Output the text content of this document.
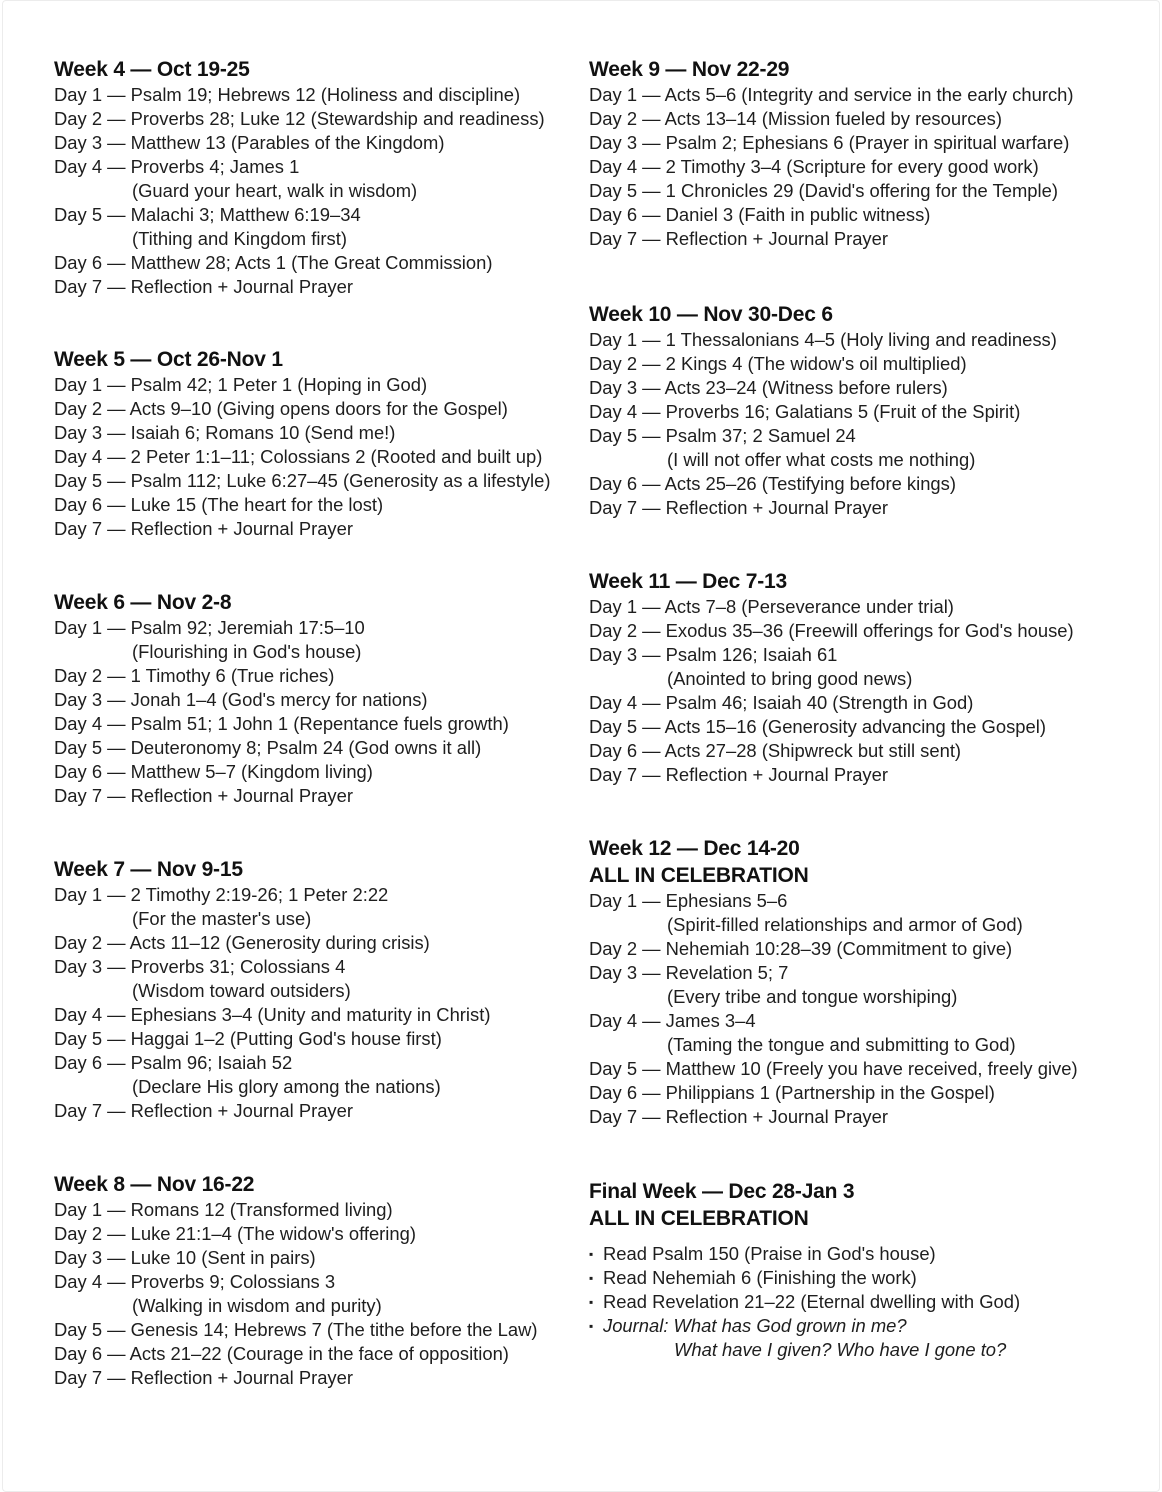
Week 4 — Oct 19-25
Day 1 — Psalm 19; Hebrews 12 (Holiness and discipline)
Day 2 — Proverbs 28; Luke 12 (Stewardship and readiness)
Day 3 — Matthew 13 (Parables of the Kingdom)
Day 4 — Proverbs 4; James 1
(Guard your heart, walk in wisdom)
Day 5 — Malachi 3; Matthew 6:19–34
(Tithing and Kingdom first)
Day 6 — Matthew 28; Acts 1 (The Great Commission)
Day 7 — Reflection + Journal Prayer
Week 5 — Oct 26-Nov 1
Day 1 — Psalm 42; 1 Peter 1 (Hoping in God)
Day 2 — Acts 9–10 (Giving opens doors for the Gospel)
Day 3 — Isaiah 6; Romans 10 (Send me!)
Day 4 — 2 Peter 1:1–11; Colossians 2 (Rooted and built up)
Day 5 — Psalm 112; Luke 6:27–45 (Generosity as a lifestyle)
Day 6 — Luke 15 (The heart for the lost)
Day 7 — Reflection + Journal Prayer
Week 6 — Nov 2-8
Day 1 — Psalm 92; Jeremiah 17:5–10
(Flourishing in God's house)
Day 2 — 1 Timothy 6 (True riches)
Day 3 — Jonah 1–4 (God's mercy for nations)
Day 4 — Psalm 51; 1 John 1 (Repentance fuels growth)
Day 5 — Deuteronomy 8; Psalm 24 (God owns it all)
Day 6 — Matthew 5–7 (Kingdom living)
Day 7 — Reflection + Journal Prayer
Week 7 — Nov 9-15
Day 1 — 2 Timothy 2:19-26; 1 Peter 2:22
(For the master's use)
Day 2 — Acts 11–12 (Generosity during crisis)
Day 3 — Proverbs 31; Colossians 4
(Wisdom toward outsiders)
Day 4 — Ephesians 3–4 (Unity and maturity in Christ)
Day 5 — Haggai 1–2 (Putting God's house first)
Day 6 — Psalm 96; Isaiah 52
(Declare His glory among the nations)
Day 7 — Reflection + Journal Prayer
Week 8 — Nov 16-22
Day 1 — Romans 12 (Transformed living)
Day 2 — Luke 21:1–4 (The widow's offering)
Day 3 — Luke 10 (Sent in pairs)
Day 4 — Proverbs 9; Colossians 3
(Walking in wisdom and purity)
Day 5 — Genesis 14; Hebrews 7 (The tithe before the Law)
Day 6 — Acts 21–22 (Courage in the face of opposition)
Day 7 — Reflection + Journal Prayer
Week 9 — Nov 22-29
Day 1 — Acts 5–6 (Integrity and service in the early church)
Day 2 — Acts 13–14 (Mission fueled by resources)
Day 3 — Psalm 2; Ephesians 6 (Prayer in spiritual warfare)
Day 4 — 2 Timothy 3–4 (Scripture for every good work)
Day 5 — 1 Chronicles 29 (David's offering for the Temple)
Day 6 — Daniel 3 (Faith in public witness)
Day 7 — Reflection + Journal Prayer
Week 10 — Nov 30-Dec 6
Day 1 — 1 Thessalonians 4–5 (Holy living and readiness)
Day 2 — 2 Kings 4 (The widow's oil multiplied)
Day 3 — Acts 23–24 (Witness before rulers)
Day 4 — Proverbs 16; Galatians 5 (Fruit of the Spirit)
Day 5 — Psalm 37; 2 Samuel 24
(I will not offer what costs me nothing)
Day 6 — Acts 25–26 (Testifying before kings)
Day 7 — Reflection + Journal Prayer
Week 11 — Dec 7-13
Day 1 — Acts 7–8 (Perseverance under trial)
Day 2 — Exodus 35–36 (Freewill offerings for God's house)
Day 3 — Psalm 126; Isaiah 61
(Anointed to bring good news)
Day 4 — Psalm 46; Isaiah 40 (Strength in God)
Day 5 — Acts 15–16 (Generosity advancing the Gospel)
Day 6 — Acts 27–28 (Shipwreck but still sent)
Day 7 — Reflection + Journal Prayer
Week 12 — Dec 14-20
ALL IN CELEBRATION
Day 1 — Ephesians 5–6
(Spirit-filled relationships and armor of God)
Day 2 — Nehemiah 10:28–39 (Commitment to give)
Day 3 — Revelation 5; 7
(Every tribe and tongue worshiping)
Day 4 — James 3–4
(Taming the tongue and submitting to God)
Day 5 — Matthew 10 (Freely you have received, freely give)
Day 6 — Philippians 1 (Partnership in the Gospel)
Day 7 — Reflection + Journal Prayer
Final Week — Dec 28-Jan 3
ALL IN CELEBRATION
▪ Read Psalm 150 (Praise in God's house)
▪ Read Nehemiah 6 (Finishing the work)
▪ Read Revelation 21–22 (Eternal dwelling with God)
▪ Journal: What has God grown in me?
What have I given? Who have I gone to?
